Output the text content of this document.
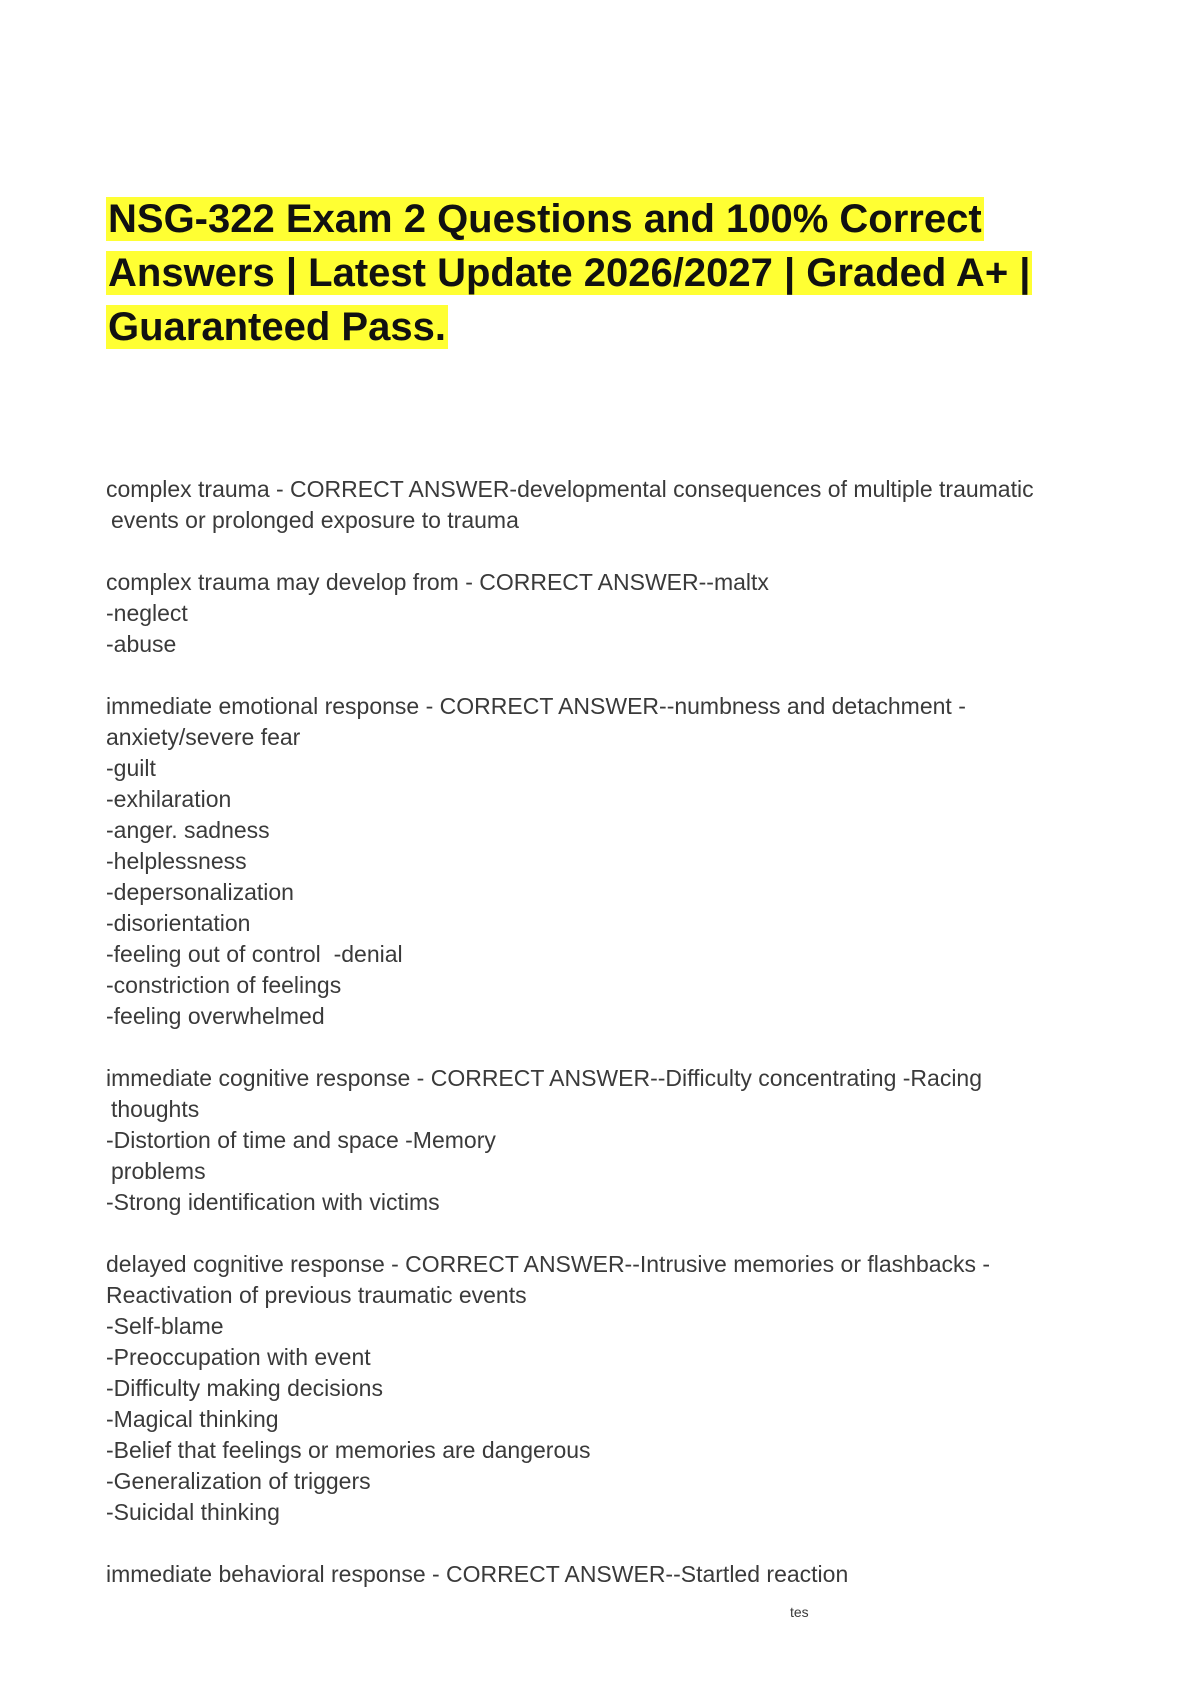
NSG-322 Exam 2 Questions and 100% Correct
Answers | Latest Update 2026/2027 | Graded A+ |
Guaranteed Pass.
complex trauma - CORRECT ANSWER-developmental consequences of multiple traumatic
events or prolonged exposure to trauma
complex trauma may develop from - CORRECT ANSWER--maltx
-neglect
-abuse
immediate emotional response - CORRECT ANSWER--numbness and detachment -
anxiety/severe fear
-guilt
-exhilaration
-anger. sadness
-helplessness
-depersonalization
-disorientation
-feeling out of control  -denial
-constriction of feelings
-feeling overwhelmed
immediate cognitive response - CORRECT ANSWER--Difficulty concentrating -Racing
thoughts
-Distortion of time and space -Memory
problems
-Strong identification with victims
delayed cognitive response - CORRECT ANSWER--Intrusive memories or flashbacks -
Reactivation of previous traumatic events
-Self-blame
-Preoccupation with event
-Difficulty making decisions
-Magical thinking
-Belief that feelings or memories are dangerous
-Generalization of triggers
-Suicidal thinking
immediate behavioral response - CORRECT ANSWER--Startled reaction
tes
